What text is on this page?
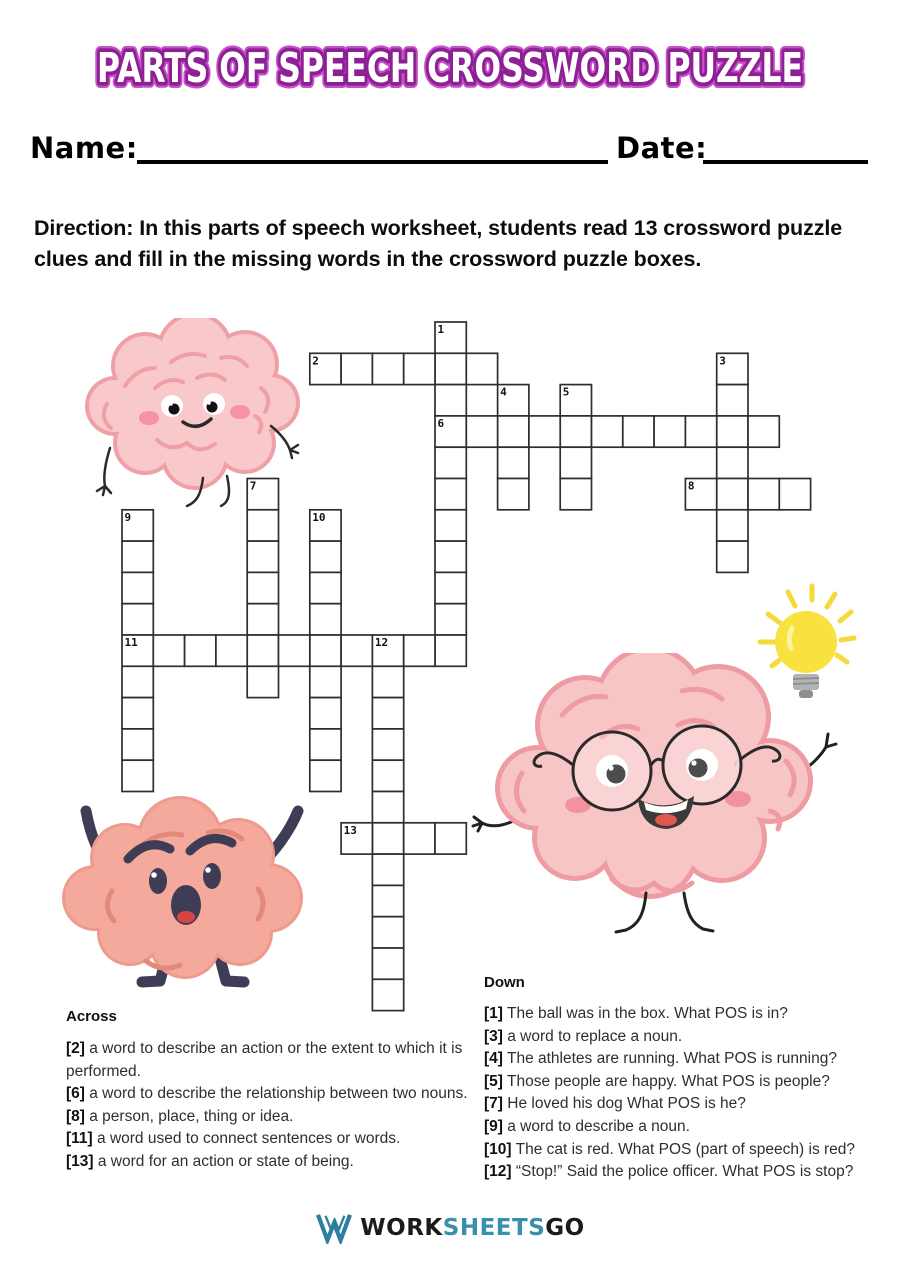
PARTS OF SPEECH CROSSWORD PUZZLE
PARTS OF SPEECH CROSSWORD PUZZLE
Name:	Date:
Direction: In this parts of speech worksheet, students read 13 crossword puzzle clues and fill in the missing words in the crossword puzzle boxes.
1
2	3
4	5
6
7	8
9	10
11	12
13
Across
[2] a word to describe an action or the extent to which it is performed.
[6] a word to describe the relationship between two nouns.
[8] a person, place, thing or idea.
[11] a word used to connect sentences or words.
[13] a word for an action or state of being.
Down
[1] The ball was in the box. What POS is in?
[3] a word to replace a noun.
[4] The athletes are running. What POS is running?
[5] Those people are happy. What POS is people?
[7] He loved his dog What POS is he?
[9] a word to describe a noun.
[10] The cat is red. What POS (part of speech) is red?
[12] “Stop!” Said the police officer. What POS is stop?
WORKSHEETSGO
